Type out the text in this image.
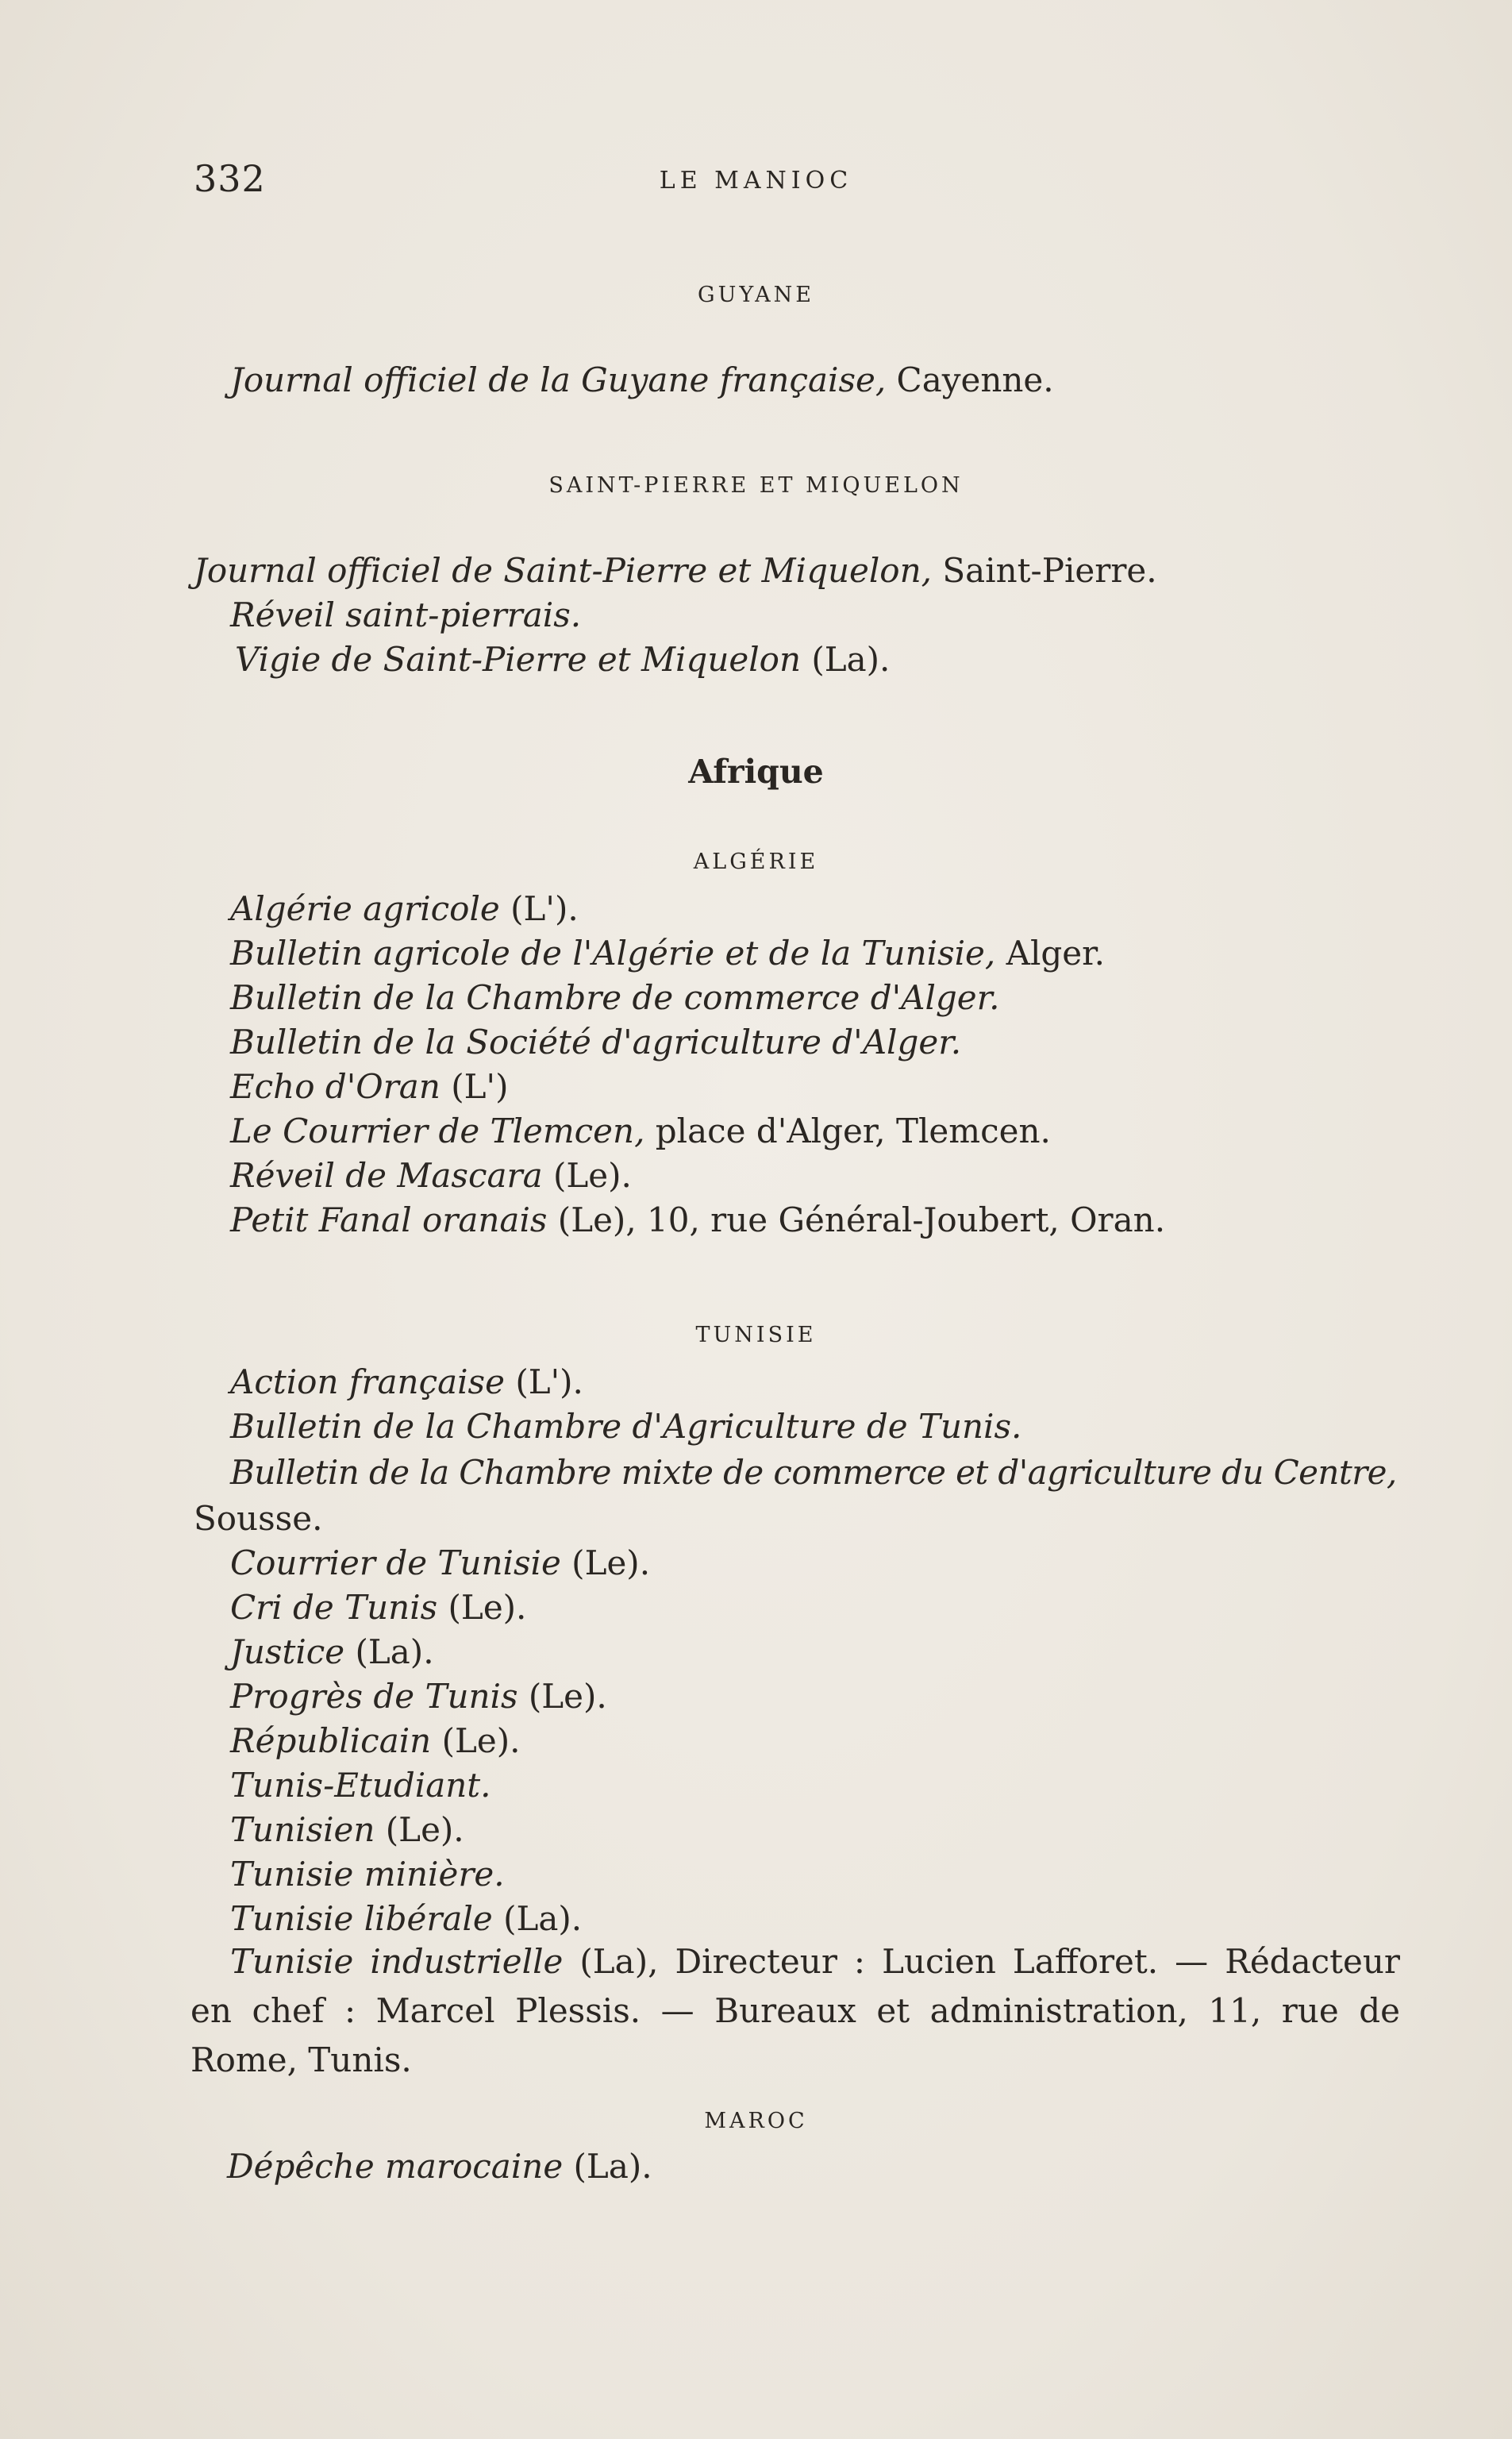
332	LE MANIOC
GUYANE
Journal officiel de la Guyane française, Cayenne.
SAINT-PIERRE ET MIQUELON
Journal officiel de Saint-Pierre et Miquelon, Saint-Pierre.
Réveil saint-pierrais.
Vigie de Saint-Pierre et Miquelon (La).
Afrique
ALGÉRIE
Algérie agricole (L').
Bulletin agricole de l'Algérie et de la Tunisie, Alger.
Bulletin de la Chambre de commerce d'Alger.
Bulletin de la Société d'agriculture d'Alger.
Echo d'Oran (L')
Le Courrier de Tlemcen, place d'Alger, Tlemcen.
Réveil de Mascara (Le).
Petit Fanal oranais (Le), 10, rue Général-Joubert, Oran.
TUNISIE
Action française (L').
Bulletin de la Chambre d'Agriculture de Tunis.
Bulletin de la Chambre mixte de commerce et d'agriculture du Centre,
Sousse.
Courrier de Tunisie (Le).
Cri de Tunis (Le).
Justice (La).
Progrès de Tunis (Le).
Républicain (Le).
Tunis-Etudiant.
Tunisien (Le).
Tunisie minière.
Tunisie libérale (La).
Tunisie industrielle (La), Directeur : Lucien Lafforet. — Rédacteur en chef : Marcel Plessis. — Bureaux et administration, 11, rue de Rome, Tunis.
MAROC
Dépêche marocaine (La).
